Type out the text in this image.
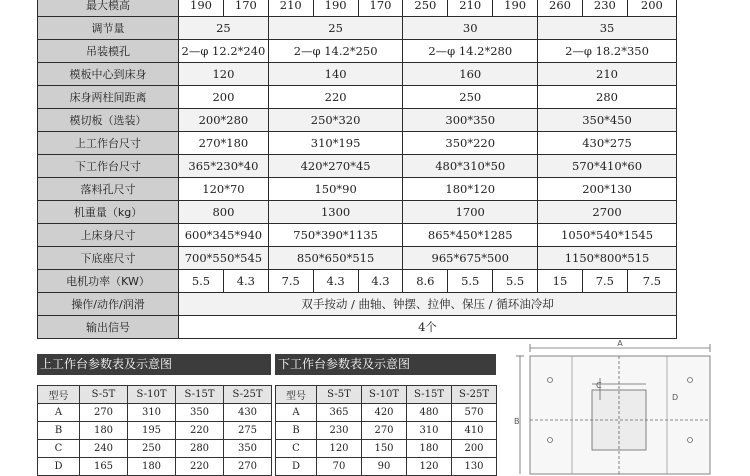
最大模高	190	170	210	190	170	250	210	190	260	230	200
调节量	25		25			30			35		
吊装模孔	2—φ 12.2*240		2—φ 14.2*250			2—φ 14.2*280			2—φ 18.2*350		
模板中心到床身	120		140			160			210		
床身两柱间距离	200		220			250			280		
模切板（选装）	200*280		250*320			300*350			350*450		
上工作台尺寸	270*180		310*195			350*220			430*275		
下工作台尺寸	365*230*40		420*270*45			480*310*50			570*410*60		
落料孔尺寸	120*70		150*90			180*120			200*130		
机重量（kg）	800		1300			1700			2700		
上床身尺寸	600*345*940		750*390*1135			865*450*1285			1050*540*1545		
下底座尺寸	700*550*545		850*650*515			965*675*500			1150*800*515		
电机功率（KW）	5.5	4.3	7.5	4.3	4.3	8.6	5.5	5.5	15	7.5	7.5
操作/动作/润滑	双手按动 / 曲轴、钟摆、拉伸、保压 / 循环油冷却										
输出信号	4个										
上工作台参数表及示意图
型号	S-5T	S-10T	S-15T	S-25T
A	270	310	350	430
B	180	195	220	275
C	240	250	280	350
D	165	180	220	270
下工作台参数表及示意图
型号	S-5T	S-10T	S-15T	S-25T
A	365	420	480	570
B	230	270	310	410
C	120	150	180	200
D	70	90	120	130
A
B
C
D
